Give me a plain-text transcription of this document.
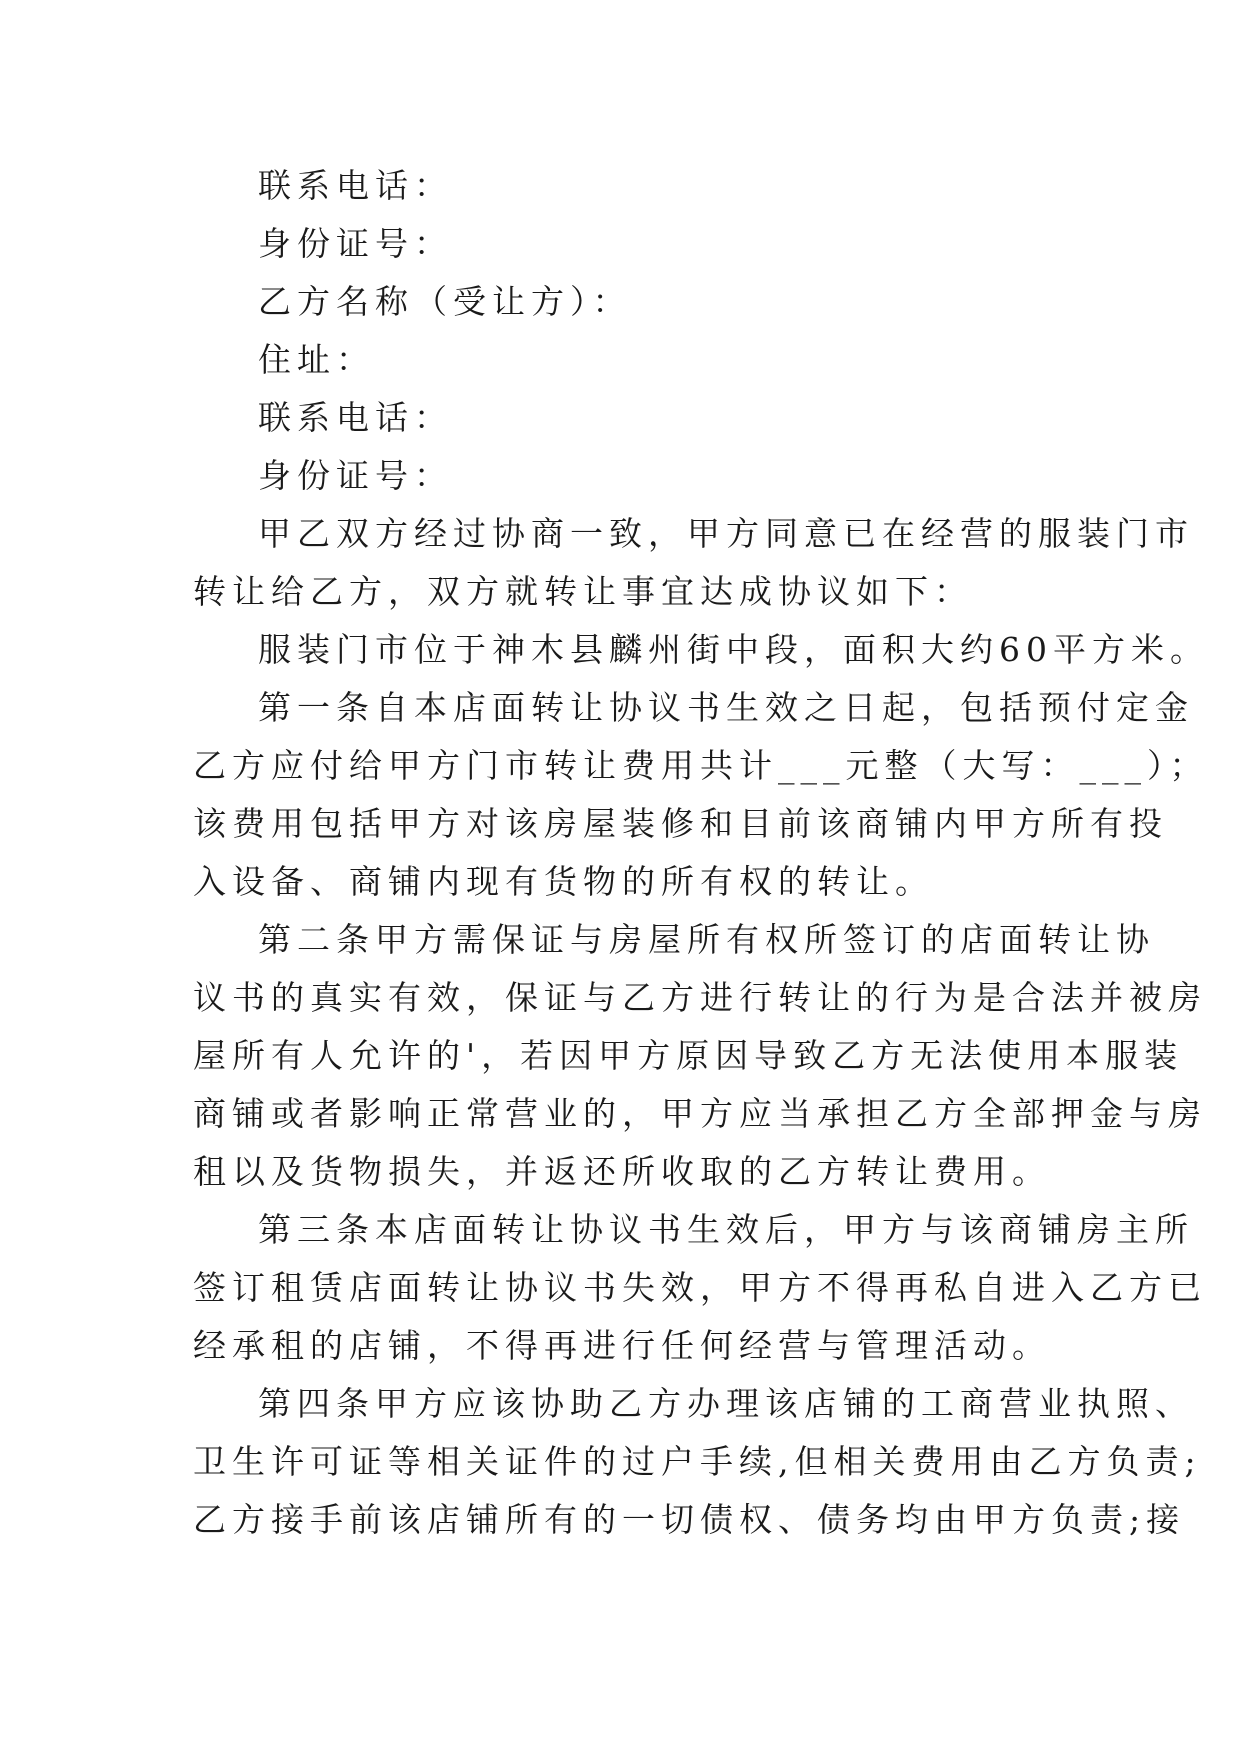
联系电话：
身份证号：
乙方名称（受让方）：
住址：
联系电话：
身份证号：
甲乙双方经过协商一致，甲方同意已在经营的服装门市
转让给乙方，双方就转让事宜达成协议如下：
服装门市位于神木县麟州街中段，面积大约60平方米。
第一条自本店面转让协议书生效之日起，包括预付定金
乙方应付给甲方门市转让费用共计___元整（大写：___）；
该费用包括甲方对该房屋装修和目前该商铺内甲方所有投
入设备、商铺内现有货物的所有权的转让。
第二条甲方需保证与房屋所有权所签订的店面转让协
议书的真实有效，保证与乙方进行转让的行为是合法并被房
屋所有人允许的'，若因甲方原因导致乙方无法使用本服装
商铺或者影响正常营业的，甲方应当承担乙方全部押金与房
租以及货物损失，并返还所收取的乙方转让费用。
第三条本店面转让协议书生效后，甲方与该商铺房主所
签订租赁店面转让协议书失效，甲方不得再私自进入乙方已
经承租的店铺，不得再进行任何经营与管理活动。
第四条甲方应该协助乙方办理该店铺的工商营业执照、
卫生许可证等相关证件的过户手续,但相关费用由乙方负责;
乙方接手前该店铺所有的一切债权、债务均由甲方负责;接
